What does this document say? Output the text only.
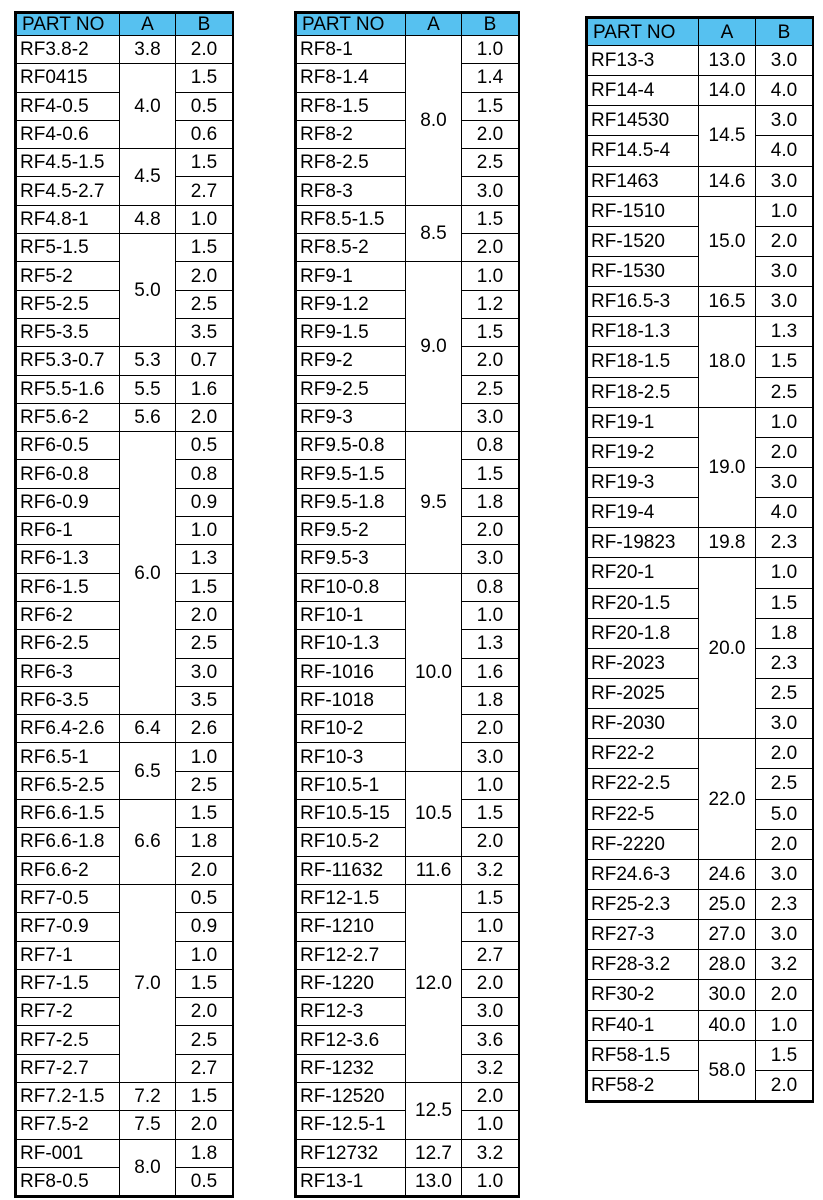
PART NO	A	B
RF3.8-2	3.8	2.0
RF0415	4.0	1.5
RF4-0.5		0.5
RF4-0.6		0.6
RF4.5-1.5	4.5	1.5
RF4.5-2.7		2.7
RF4.8-1	4.8	1.0
RF5-1.5	5.0	1.5
RF5-2		2.0
RF5-2.5		2.5
RF5-3.5		3.5
RF5.3-0.7	5.3	0.7
RF5.5-1.6	5.5	1.6
RF5.6-2	5.6	2.0
RF6-0.5	6.0	0.5
RF6-0.8		0.8
RF6-0.9		0.9
RF6-1		1.0
RF6-1.3		1.3
RF6-1.5		1.5
RF6-2		2.0
RF6-2.5		2.5
RF6-3		3.0
RF6-3.5		3.5
RF6.4-2.6	6.4	2.6
RF6.5-1	6.5	1.0
RF6.5-2.5		2.5
RF6.6-1.5	6.6	1.5
RF6.6-1.8		1.8
RF6.6-2		2.0
RF7-0.5	7.0	0.5
RF7-0.9		0.9
RF7-1		1.0
RF7-1.5		1.5
RF7-2		2.0
RF7-2.5		2.5
RF7-2.7		2.7
RF7.2-1.5	7.2	1.5
RF7.5-2	7.5	2.0
RF-001	8.0	1.8
RF8-0.5		0.5
PART NO	A	B
RF8-1	8.0	1.0
RF8-1.4		1.4
RF8-1.5		1.5
RF8-2		2.0
RF8-2.5		2.5
RF8-3		3.0
RF8.5-1.5	8.5	1.5
RF8.5-2		2.0
RF9-1	9.0	1.0
RF9-1.2		1.2
RF9-1.5		1.5
RF9-2		2.0
RF9-2.5		2.5
RF9-3		3.0
RF9.5-0.8	9.5	0.8
RF9.5-1.5		1.5
RF9.5-1.8		1.8
RF9.5-2		2.0
RF9.5-3		3.0
RF10-0.8	10.0	0.8
RF10-1		1.0
RF10-1.3		1.3
RF-1016		1.6
RF-1018		1.8
RF10-2		2.0
RF10-3		3.0
RF10.5-1	10.5	1.0
RF10.5-15		1.5
RF10.5-2		2.0
RF-11632	11.6	3.2
RF12-1.5	12.0	1.5
RF-1210		1.0
RF12-2.7		2.7
RF-1220		2.0
RF12-3		3.0
RF12-3.6		3.6
RF-1232		3.2
RF-12520	12.5	2.0
RF-12.5-1		1.0
RF12732	12.7	3.2
RF13-1	13.0	1.0
PART NO	A	B
RF13-3	13.0	3.0
RF14-4	14.0	4.0
RF14530	14.5	3.0
RF14.5-4		4.0
RF1463	14.6	3.0
RF-1510	15.0	1.0
RF-1520		2.0
RF-1530		3.0
RF16.5-3	16.5	3.0
RF18-1.3	18.0	1.3
RF18-1.5		1.5
RF18-2.5		2.5
RF19-1	19.0	1.0
RF19-2		2.0
RF19-3		3.0
RF19-4		4.0
RF-19823	19.8	2.3
RF20-1	20.0	1.0
RF20-1.5		1.5
RF20-1.8		1.8
RF-2023		2.3
RF-2025		2.5
RF-2030		3.0
RF22-2	22.0	2.0
RF22-2.5		2.5
RF22-5		5.0
RF-2220		2.0
RF24.6-3	24.6	3.0
RF25-2.3	25.0	2.3
RF27-3	27.0	3.0
RF28-3.2	28.0	3.2
RF30-2	30.0	2.0
RF40-1	40.0	1.0
RF58-1.5	58.0	1.5
RF58-2		2.0
